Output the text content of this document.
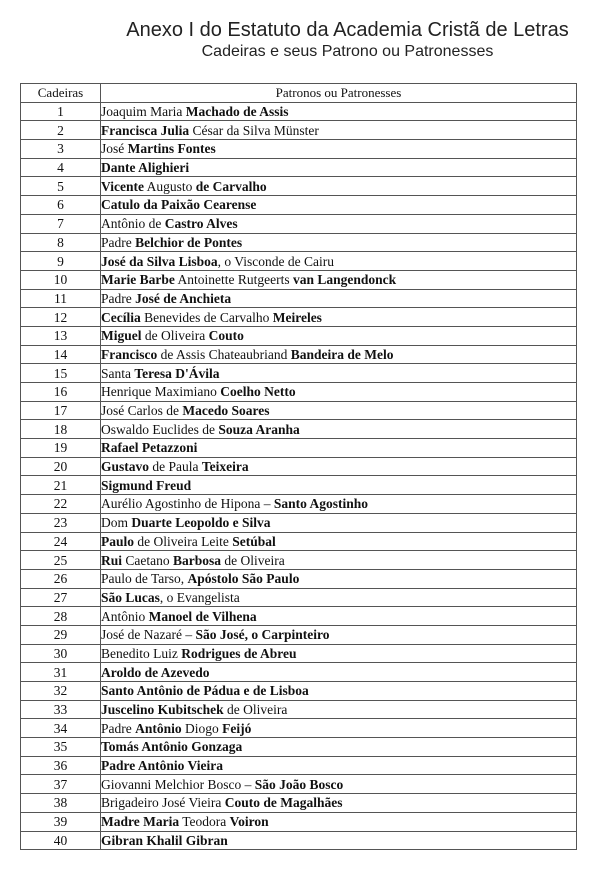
Anexo I do Estatuto da Academia Cristã de Letras
Cadeiras e seus Patrono ou Patronesses
Cadeiras	Patronos ou Patronesses
1	Joaquim Maria Machado de Assis
2	Francisca Julia César da Silva Münster
3	José Martins Fontes
4	Dante Alighieri
5	Vicente Augusto de Carvalho
6	Catulo da Paixão Cearense
7	Antônio de Castro Alves
8	Padre Belchior de Pontes
9	José da Silva Lisboa, o Visconde de Cairu
10	Marie Barbe Antoinette Rutgeerts van Langendonck
11	Padre José de Anchieta
12	Cecília Benevides de Carvalho Meireles
13	Miguel de Oliveira Couto
14	Francisco de Assis Chateaubriand Bandeira de Melo
15	Santa Teresa D'Ávila
16	Henrique Maximiano Coelho Netto
17	José Carlos de Macedo Soares
18	Oswaldo Euclides de Souza Aranha
19	Rafael Petazzoni
20	Gustavo de Paula Teixeira
21	Sigmund Freud
22	Aurélio Agostinho de Hipona – Santo Agostinho
23	Dom Duarte Leopoldo e Silva
24	Paulo de Oliveira Leite Setúbal
25	Rui Caetano Barbosa de Oliveira
26	Paulo de Tarso, Apóstolo São Paulo
27	São Lucas, o Evangelista
28	Antônio Manoel de Vilhena
29	José de Nazaré – São José, o Carpinteiro
30	Benedito Luiz Rodrigues de Abreu
31	Aroldo de Azevedo
32	Santo Antônio de Pádua e de Lisboa
33	Juscelino Kubitschek de Oliveira
34	Padre Antônio Diogo Feijó
35	Tomás Antônio Gonzaga
36	Padre Antônio Vieira
37	Giovanni Melchior Bosco – São João Bosco
38	Brigadeiro José Vieira Couto de Magalhães
39	Madre Maria Teodora Voiron
40	Gibran Khalil Gibran
